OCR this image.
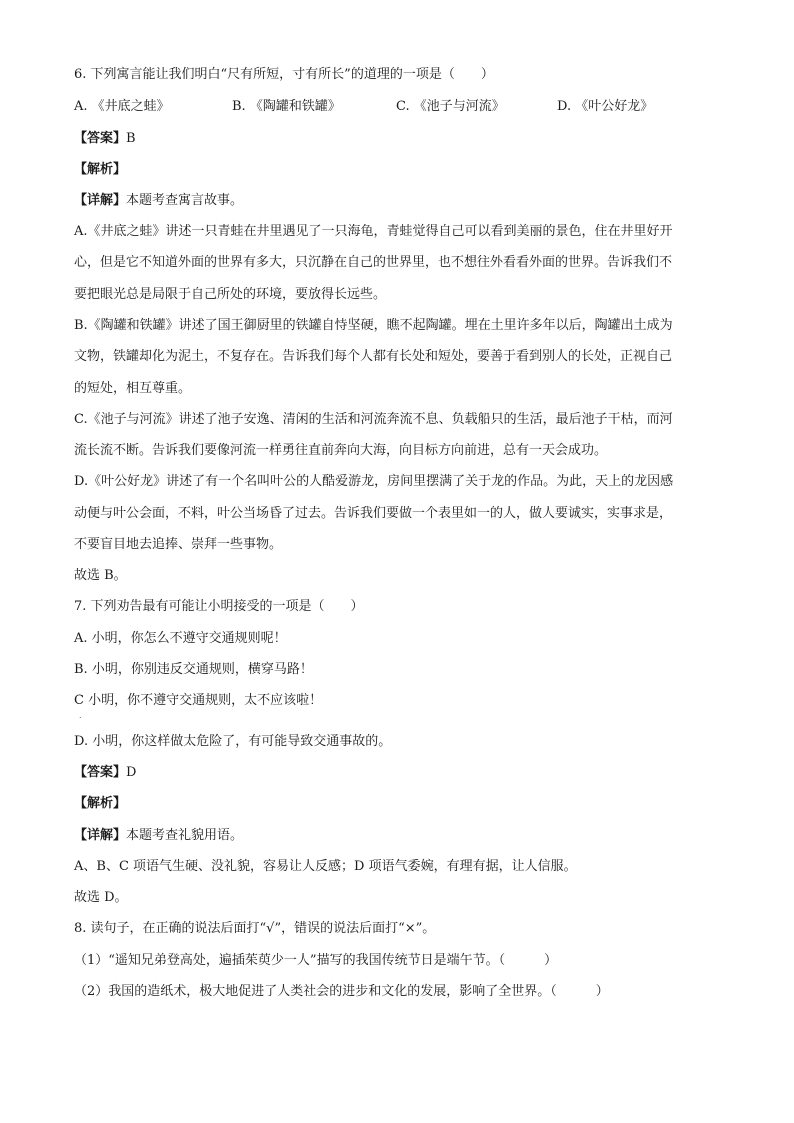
6. 下列寓言能让我们明白“尺有所短，寸有所长”的道理的一项是（　　）
A. 《井底之蛙》	B. 《陶罐和铁罐》	C. 《池子与河流》	D. 《叶公好龙》
【答案】B
【解析】
【详解】本题考查寓言故事。
A.《井底之蛙》讲述一只青蛙在井里遇见了一只海龟，青蛙觉得自己可以看到美丽的景色，住在井里好开
心，但是它不知道外面的世界有多大，只沉静在自己的世界里，也不想往外看看外面的世界。告诉我们不
要把眼光总是局限于自己所处的环境，要放得长远些。
B.《陶罐和铁罐》讲述了国王御厨里的铁罐自恃坚硬，瞧不起陶罐。埋在土里许多年以后，陶罐出土成为
文物，铁罐却化为泥土，不复存在。告诉我们每个人都有长处和短处，要善于看到别人的长处，正视自己
的短处，相互尊重。
C.《池子与河流》讲述了池子安逸、清闲的生活和河流奔流不息、负载船只的生活，最后池子干枯，而河
流长流不断。告诉我们要像河流一样勇往直前奔向大海，向目标方向前进，总有一天会成功。
D.《叶公好龙》讲述了有一个名叫叶公的人酷爱游龙，房间里摆满了关于龙的作品。为此，天上的龙因感
动便与叶公会面，不料，叶公当场昏了过去。告诉我们要做一个表里如一的人，做人要诚实，实事求是，
不要盲目地去追捧、崇拜一些事物。
故选 B。
7. 下列劝告最有可能让小明接受的一项是（　　）
A. 小明，你怎么不遵守交通规则呢！
B. 小明，你别违反交通规则，横穿马路！
C 小明，你不遵守交通规则，太不应该啦！
.
D. 小明，你这样做太危险了，有可能导致交通事故的。
【答案】D
【解析】
【详解】本题考查礼貌用语。
A、B、C 项语气生硬、没礼貌，容易让人反感；D 项语气委婉，有理有据，让人信服。
故选 D。
8. 读句子，在正确的说法后面打“√”，错误的说法后面打“×”。
（1）“遥知兄弟登高处，遍插茱萸少一人”描写的我国传统节日是端午节。（　　　）
（2）我国的造纸术，极大地促进了人类社会的进步和文化的发展，影响了全世界。（　　　）
